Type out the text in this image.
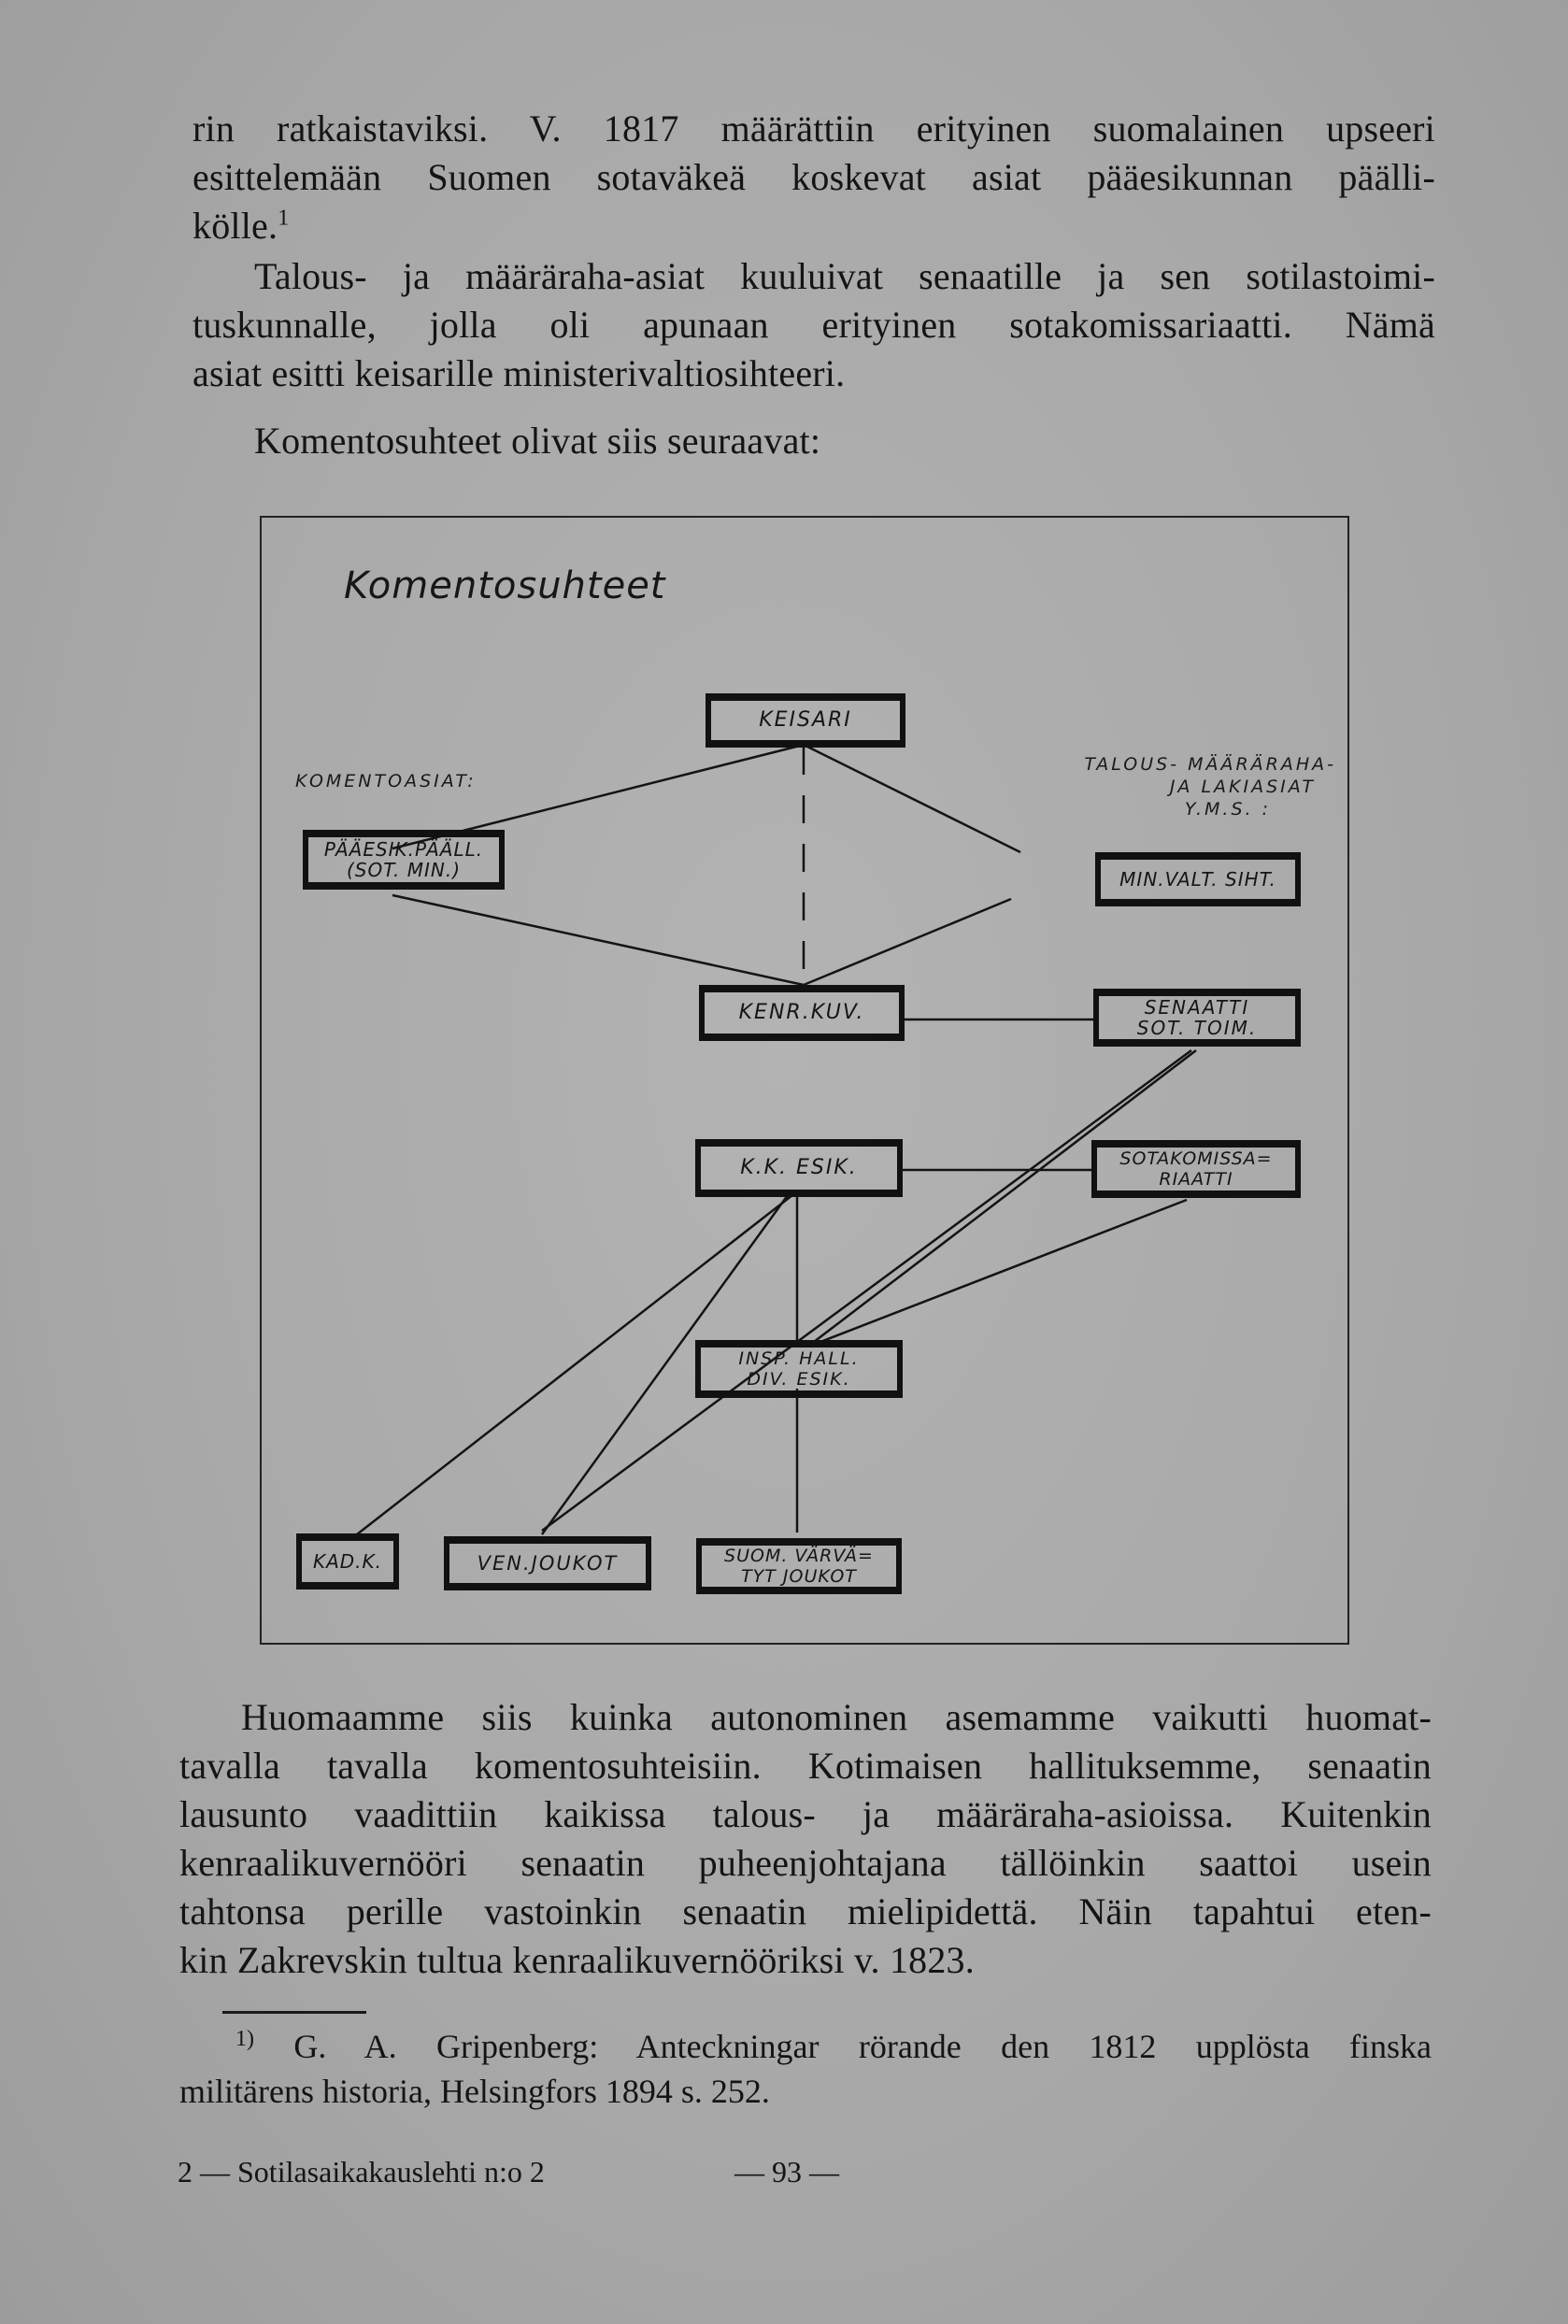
rin ratkaistaviksi. V. 1817 määrättiin erityinen suomalainen upseeri
esittelemään Suomen sotaväkeä koskevat asiat pääesikunnan päälli-
kölle.$^1$
Talous- ja määräraha-asiat kuuluivat senaatille ja sen sotilastoimi-
tuskunnalle, jolla oli apunaan erityinen sotakomissariaatti. Nämä
asiat esitti keisarille ministerivaltiosihteeri.
Komentosuhteet olivat siis seuraavat:
Komentosuhteet
KOMENTOASIAT:
TALOUS- MÄÄRÄRAHA-
JA LAKIASIAT
Y.M.S. :
KEISARI
PÄÄESIK.PÄÄLL.
(SOT. MIN.)	MIN.VALT. SIHT.
KENR.KUV.	SENAATTI
SOT. TOIM.
K.K. ESIK.	SOTAKOMISSA=
RIAATTI
INSP. HALL.
DIV. ESIK.
KAD.K.	VEN.JOUKOT	SUOM. VÄRVÄ=
TYT JOUKOT
Huomaamme siis kuinka autonominen asemamme vaikutti huomat-
tavalla tavalla komentosuhteisiin. Kotimaisen hallituksemme, senaatin
lausunto vaadittiin kaikissa talous- ja määräraha-asioissa. Kuitenkin
kenraalikuvernööri senaatin puheenjohtajana tällöinkin saattoi usein
tahtonsa perille vastoinkin senaatin mielipidettä. Näin tapahtui eten-
kin Zakrevskin tultua kenraalikuvernööriksi v. 1823.
$^{1)}$ G. A. Gripenberg: Anteckningar rörande den 1812 upplösta finska
militärens historia, Helsingfors 1894 s. 252.
2 — Sotilasaikakauslehti n:o 2	— 93 —
